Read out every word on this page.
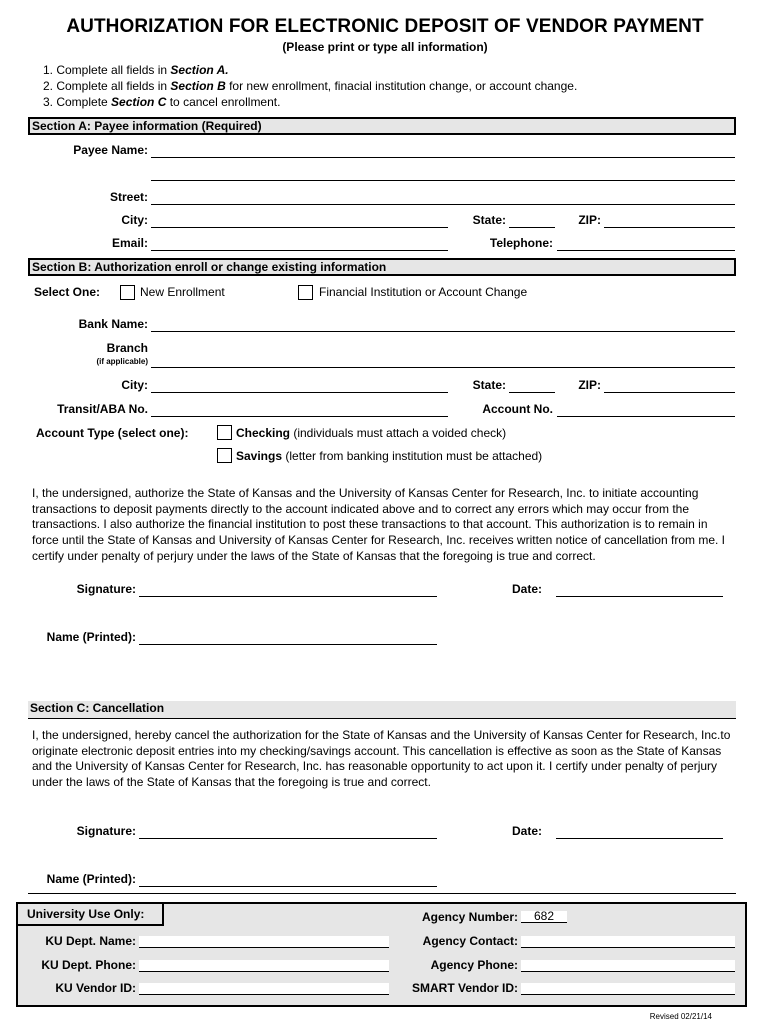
AUTHORIZATION FOR ELECTRONIC DEPOSIT OF VENDOR PAYMENT
(Please print or type all information)
1. Complete all fields in Section A.
2. Complete all fields in Section B for new enrollment, finacial institution change, or account change.
3. Complete Section C to cancel enrollment.
Section A: Payee information (Required)
Payee Name:
Street:
City:	State:	ZIP:
Email:	Telephone:
Section B: Authorization enroll or change existing information
Select One:	New Enrollment	Financial Institution or Account Change
Bank Name:
Branch
(if applicable)
City:	State:	ZIP:
Transit/ABA No.	Account No.
Account Type (select one):	Checking (individuals must attach a voided check)
Savings (letter from banking institution must be attached)
I, the undersigned, authorize the State of Kansas and the University of Kansas Center for Research, Inc. to initiate accounting transactions to deposit payments directly to the account indicated above and to correct any errors which may occur from the transactions. I also authorize the financial institution to post these transactions to that account. This authorization is to remain in force until the State of Kansas and University of Kansas Center for Research, Inc. receives written notice of cancellation from me. I certify under penalty of perjury under the laws of the State of Kansas that the foregoing is true and correct.
Signature:	Date:
Name (Printed):
Section C: Cancellation
I, the undersigned, hereby cancel the authorization for the State of Kansas and the University of Kansas Center for Research, Inc.to originate electronic deposit entries into my checking/savings account. This cancellation is effective as soon as the State of Kansas and the University of Kansas Center for Research, Inc. has reasonable opportunity to act upon it. I certify under penalty of perjury under the laws of the State of Kansas that the foregoing is true and correct.
Signature:	Date:
Name (Printed):
University Use Only:	Agency Number: 682
KU Dept. Name:	Agency Contact:
KU Dept. Phone:	Agency Phone:
KU Vendor ID:	SMART Vendor ID:
Revised 02/21/14
